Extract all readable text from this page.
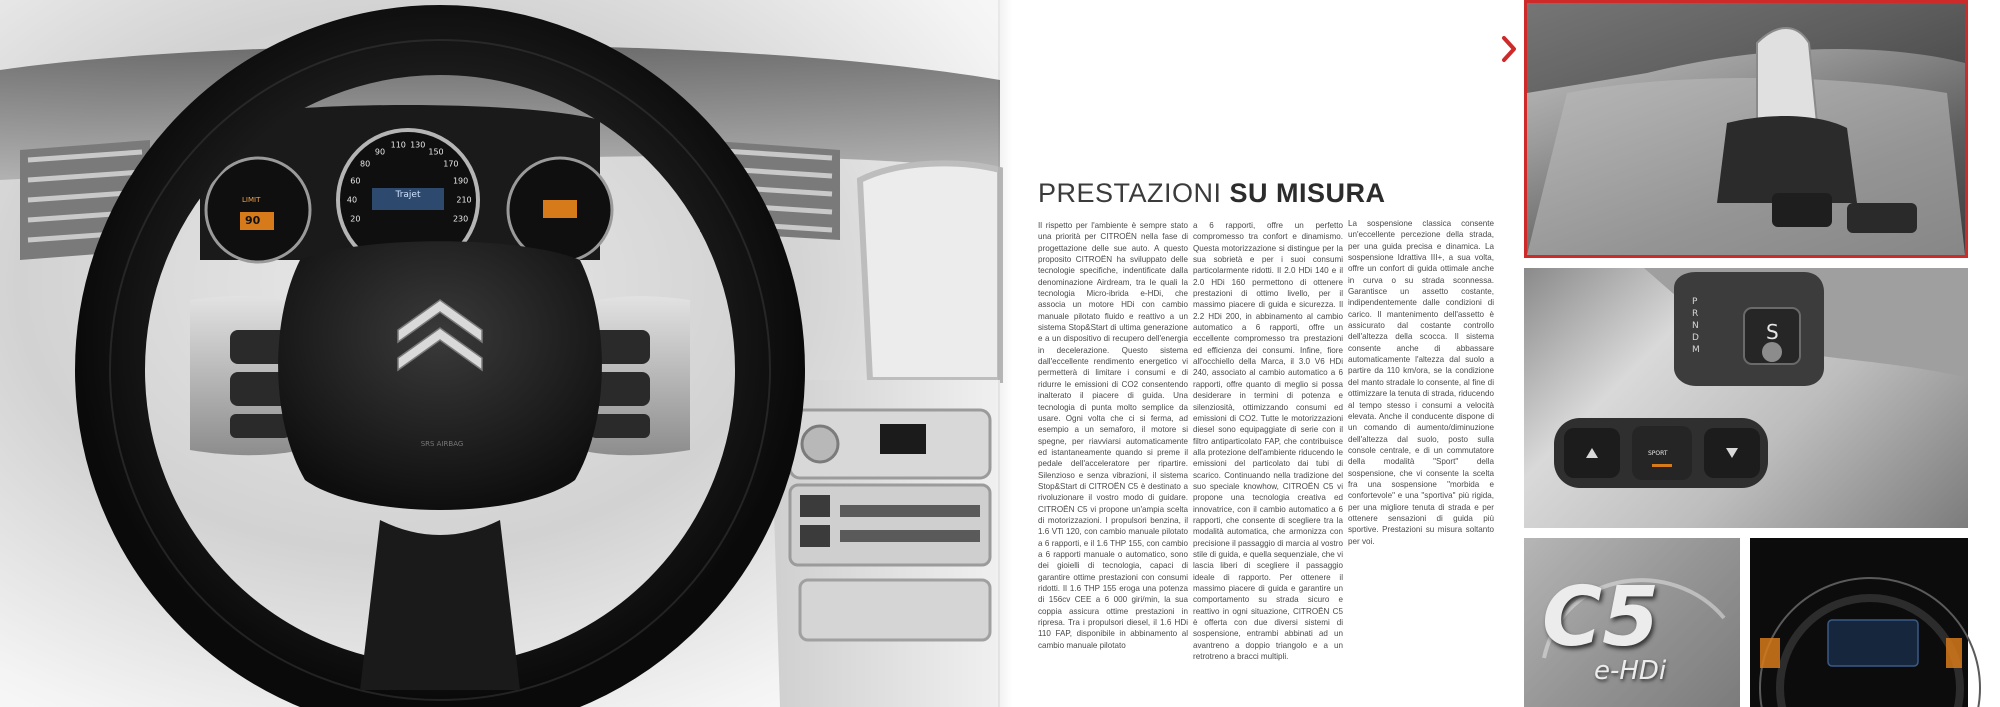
Trajet
LIMIT
90
SRS AIRBAG
20
40
60
80
90
110 130
150
170
190
210
230
PRESTAZIONI SU MISURA

Il rispetto per l'ambiente è sempre stato una priorità per CITROËN nella fase di progettazione delle sue auto. A questo proposito CITROËN ha sviluppato delle tecnologie specifiche, indentificate dalla denominazione Airdream, tra le quali la tecnologia Micro-ibrida e-HDi, che associa un motore HDi con cambio manuale pilotato fluido e reattivo a un sistema Stop&Start di ultima generazione e a un dispositivo di recupero dell'energia in decelerazione. Questo sistema dall'eccellente rendimento energetico vi permetterà di limitare i consumi e di ridurre le emissioni di CO2 consentendo inalterato il piacere di guida. Una tecnologia di punta molto semplice da usare. Ogni volta che ci si ferma, ad esempio a un semaforo, il motore si spegne, per riavviarsi automaticamente ed istantaneamente quando si preme il pedale dell'acceleratore per ripartire. Silenzioso e senza vibrazioni, il sistema Stop&Start di CITROËN C5 è destinato a rivoluzionare il vostro modo di guidare. CITROËN C5 vi propone un'ampia scelta di motorizzazioni. I propulsori benzina, il 1.6 VTi 120, con cambio manuale pilotato a 6 rapporti, e il 1.6 THP 155, con cambio a 6 rapporti manuale o automatico, sono dei gioielli di tecnologia, capaci di garantire ottime prestazioni con consumi ridotti. Il 1.6 THP 155 eroga una potenza di 156cv CEE a 6 000 giri/min, la sua coppia assicura ottime prestazioni in ripresa. Tra i propulsori diesel, il 1.6 HDi 110 FAP, disponibile in abbinamento al cambio manuale pilotato

a 6 rapporti, offre un perfetto compromesso tra confort e dinamismo. Questa motorizzazione si distingue per la sua sobrietà e per i suoi consumi particolarmente ridotti. Il 2.0 HDi 140 e il 2.0 HDi 160 permettono di ottenere prestazioni di ottimo livello, per il massimo piacere di guida e sicurezza. Il 2.2 HDi 200, in abbinamento al cambio automatico a 6 rapporti, offre un eccellente compromesso tra prestazioni ed efficienza dei consumi. Infine, fiore all'occhiello della Marca, il 3.0 V6 HDi 240, associato al cambio automatico a 6 rapporti, offre quanto di meglio si possa desiderare in termini di potenza e silenziosità, ottimizzando consumi ed emissioni di CO2. Tutte le motorizzazioni diesel sono equipaggiate di serie con il filtro antiparticolato FAP, che contribuisce alla protezione dell'ambiente riducendo le emissioni del particolato dai tubi di scarico. Continuando nella tradizione del suo speciale knowhow, CITROËN C5 vi propone una tecnologia creativa ed innovatrice, con il cambio automatico a 6 rapporti, che consente di scegliere tra la modalità automatica, che armonizza con precisione il passaggio di marcia al vostro stile di guida, e quella sequenziale, che vi lascia liberi di scegliere il passaggio ideale di rapporto. Per ottenere il massimo piacere di guida e garantire un comportamento su strada sicuro e reattivo in ogni situazione, CITROËN C5 è offerta con due diversi sistemi di sospensione, entrambi abbinati ad un avantreno a doppio triangolo e a un retrotreno a bracci multipli.

La sospensione classica consente un'eccellente percezione della strada, per una guida precisa e dinamica. La sospensione Idrattiva III+, a sua volta, offre un confort di guida ottimale anche in curva o su strada sconnessa. Garantisce un assetto costante, indipendentemente dalle condizioni di carico. Il mantenimento dell'assetto è assicurato dal costante controllo dell'altezza della scocca. Il sistema consente anche di abbassare automaticamente l'altezza dal suolo a partire da 110 km/ora, se la condizione del manto stradale lo consente, al fine di ottimizzare la tenuta di strada, riducendo al tempo stesso i consumi a velocità elevata. Anche il conducente dispone di un comando di aumento/diminuzione dell'altezza dal suolo, posto sulla console centrale, e di un commutatore della modalità "Sport" della sospensione, che vi consente la scelta fra una sospensione "morbida e confortevole" e una "sportiva" più rigida, per una migliore tenuta di strada e per ottenere sensazioni di guida più sportive. Prestazioni su misura soltanto per voi.

S
SPORT
P
R
N
D
M
C5
e-HDi
